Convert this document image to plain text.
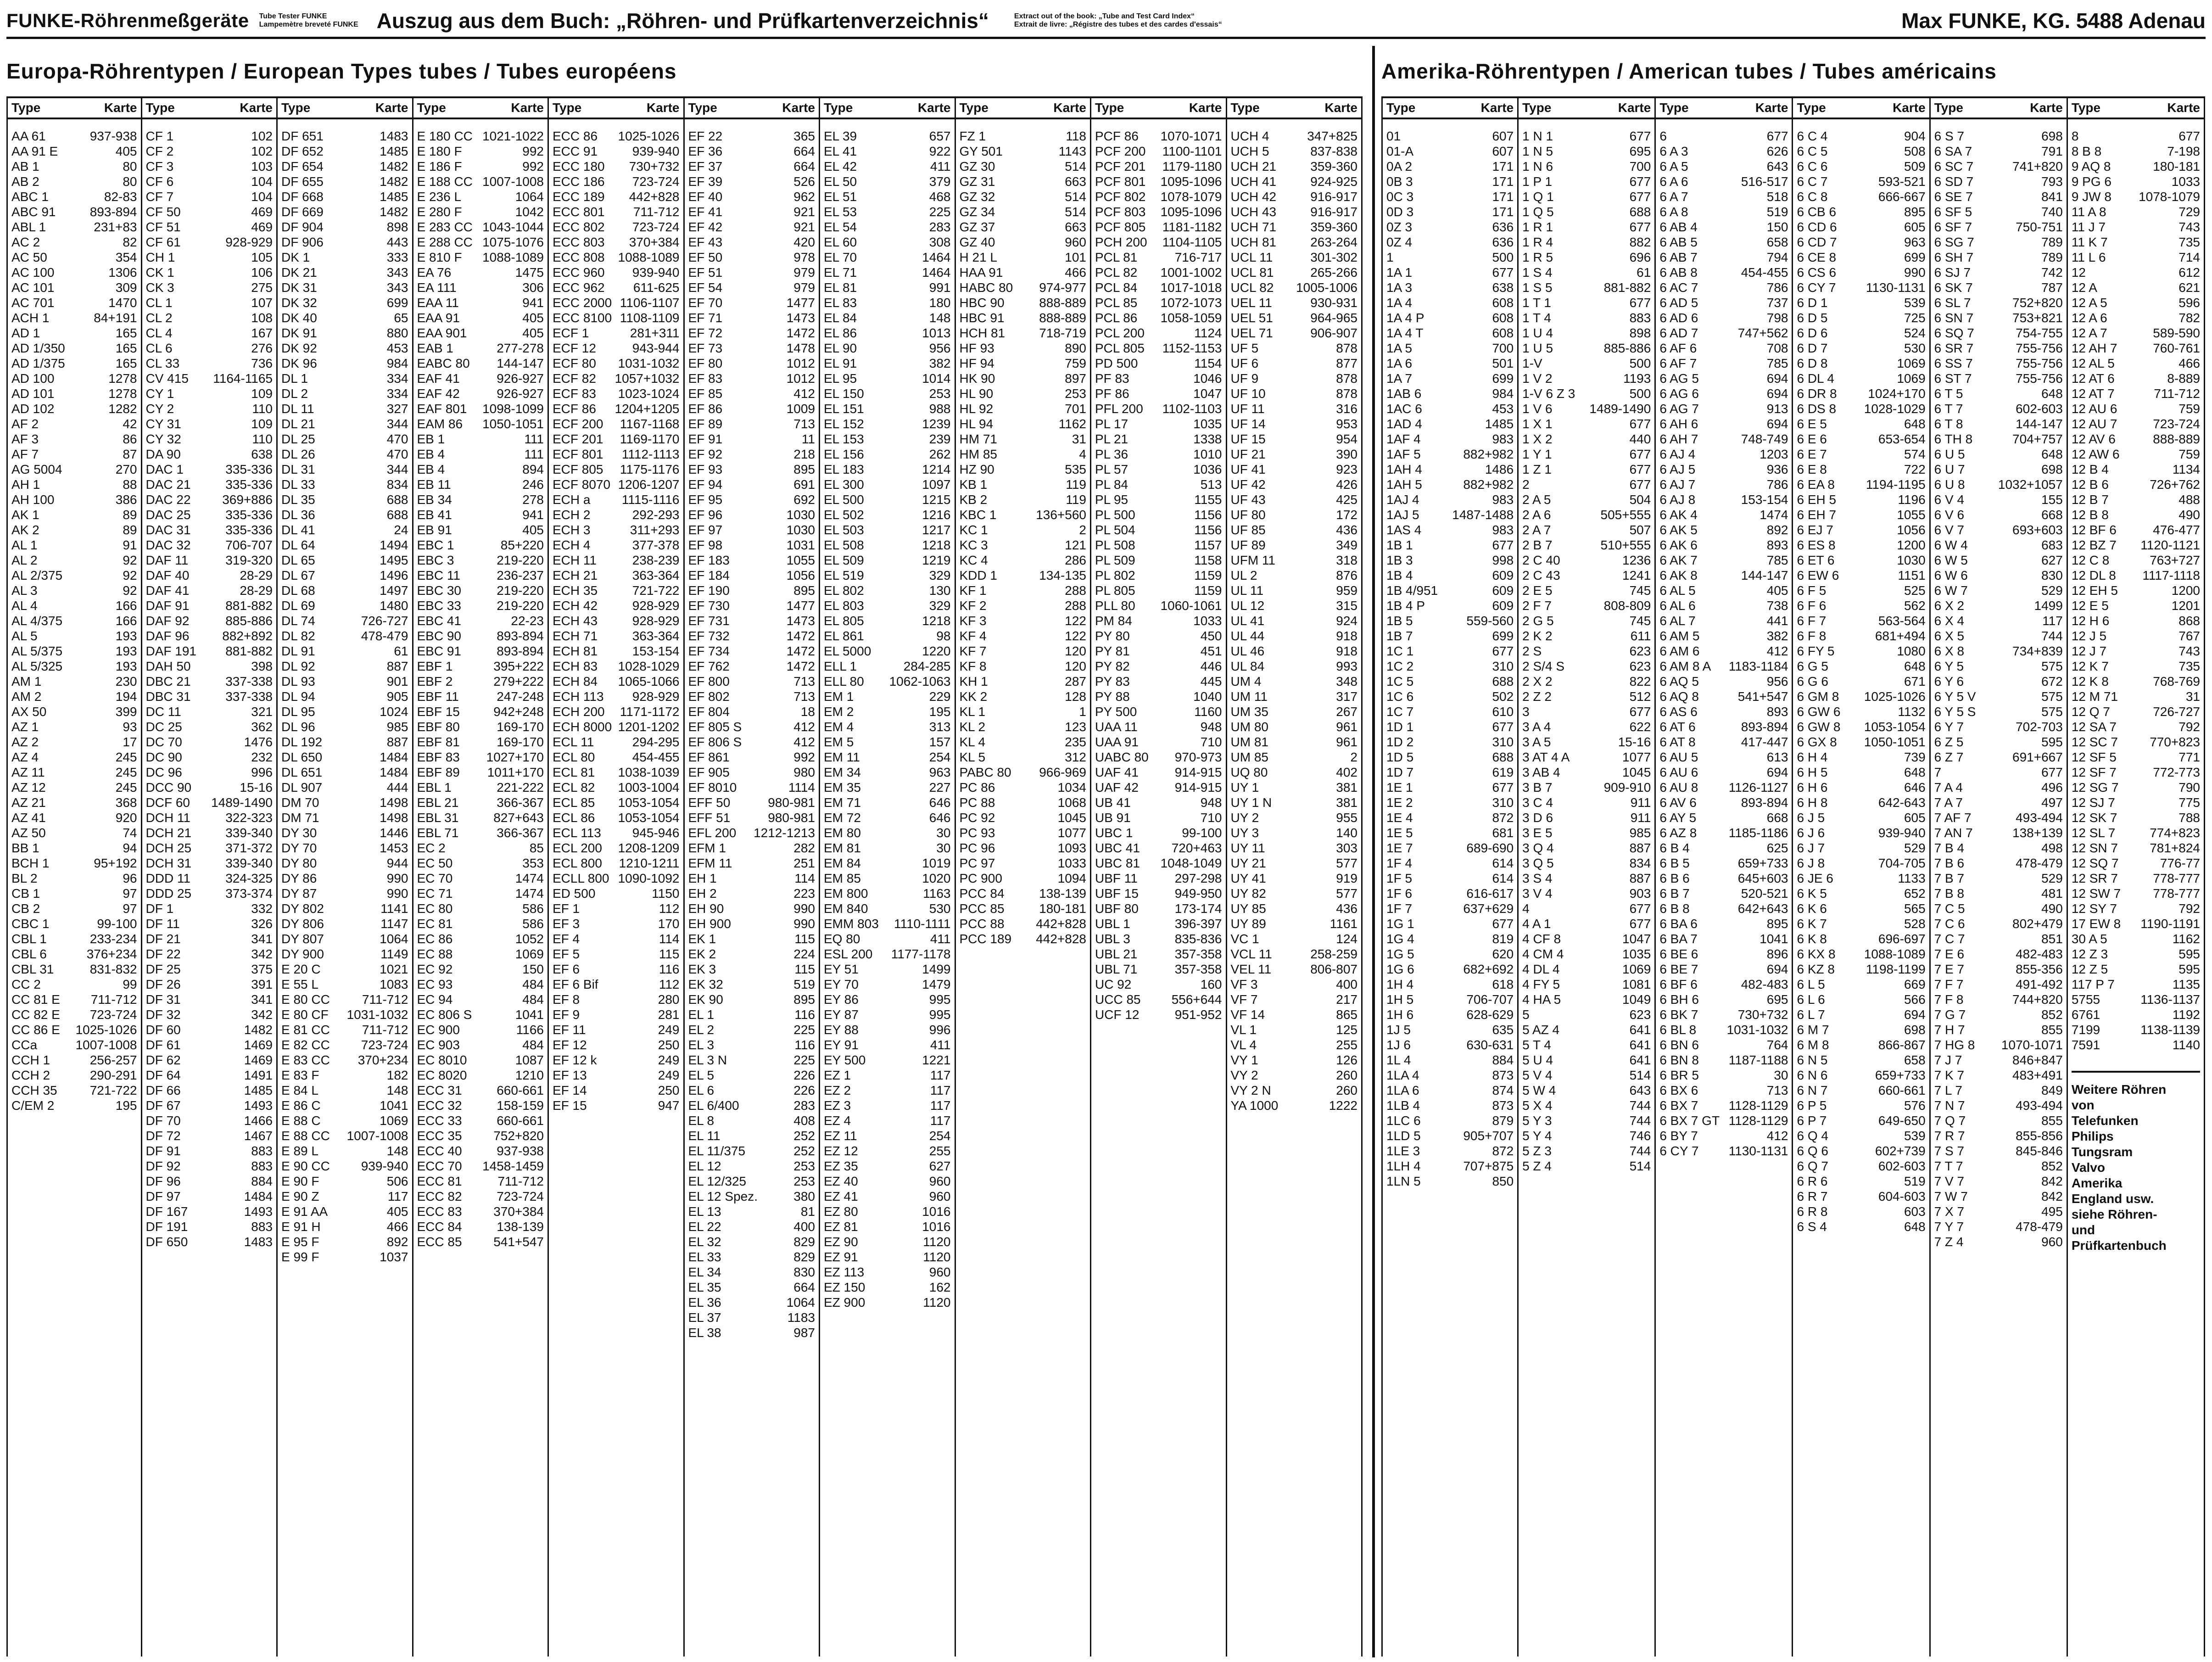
FUNKE-Röhrenmeßgeräte Tube Tester FUNKE
Lampemètre breveté FUNKE Auszug aus dem Buch: „Röhren- und Prüfkartenverzeichnis“	Extract out of the book: „Tube and Test Card Index“
Extrait de livre: „Régistre des tubes et des cardes d'essais“	Max FUNKE, KG. 5488 Adenau
Europa-Röhrentypen / European Types tubes / Tubes européens	Amerika-Röhrentypen / American tubes / Tubes américains
Type	Karte
AA 61	937-938
AA 91 E	405
AB 1	80
AB 2	80
ABC 1	82-83
ABC 91	893-894
ABL 1	231+83
AC 2	82
AC 50	354
AC 100	1306
AC 101	309
AC 701	1470
ACH 1	84+191
AD 1	165
AD 1/350	165
AD 1/375	165
AD 100	1278
AD 101	1278
AD 102	1282
AF 2	42
AF 3	86
AF 7	87
AG 5004	270
AH 1	88
AH 100	386
AK 1	89
AK 2	89
AL 1	91
AL 2	92
AL 2/375	92
AL 3	92
AL 4	166
AL 4/375	166
AL 5	193
AL 5/375	193
AL 5/325	193
AM 1	230
AM 2	194
AX 50	399
AZ 1	93
AZ 2	17
AZ 4	245
AZ 11	245
AZ 12	245
AZ 21	368
AZ 41	920
AZ 50	74
BB 1	94
BCH 1	95+192
BL 2	96
CB 1	97
CB 2	97
CBC 1	99-100
CBL 1	233-234
CBL 6	376+234
CBL 31	831-832
CC 2	99
CC 81 E 711-712
CC 82 E 723-724
CC 86 E 1025-1026
CCa	1007-1008
CCH 1	256-257
CCH 2	290-291
CCH 35	721-722
C/EM 2	195
Type	Karte
CF 1	102
CF 2	102
CF 3	103
CF 6	104
CF 7	104
CF 50	469
CF 51	469
CF 61	928-929
CH 1	105
CK 1	106
CK 3	275
CL 1	107
CL 2	108
CL 4	167
CL 6	276
CL 33	736
CV 415 1164-1165
CY 1	109
CY 2	110
CY 31	109
CY 32	110
DA 90	638
DAC 1	335-336
DAC 21	335-336
DAC 22 369+886
DAC 25	335-336
DAC 31	335-336
DAC 32	706-707
DAF 11	319-320
DAF 40	28-29
DAF 41	28-29
DAF 91	881-882
DAF 92	885-886
DAF 96	882+892
DAF 191 881-882
DAH 50	398
DBC 21	337-338
DBC 31	337-338
DC 11	321
DC 25	362
DC 70	1476
DC 90	232
DC 96	996
DCC 90	15-16
DCF 60 1489-1490
DCH 11	322-323
DCH 21	339-340
DCH 25	371-372
DCH 31	339-340
DDD 11	324-325
DDD 25	373-374
DF 1	332
DF 11	326
DF 21	341
DF 22	342
DF 25	375
DF 26	391
DF 31	341
DF 32	342
DF 60	1482
DF 61	1469
DF 62	1469
DF 64	1491
DF 66	1485
DF 67	1493
DF 70	1466
DF 72	1467
DF 91	883
DF 92	883
DF 96	884
DF 97	1484
DF 167	1493
DF 191	883
DF 650	1483
Type	Karte
DF 651	1483
DF 652	1485
DF 654	1482
DF 655	1482
DF 668	1485
DF 669	1482
DF 904	898
DF 906	443
DK 1	333
DK 21	343
DK 31	343
DK 32	699
DK 40	65
DK 91	880
DK 92	453
DK 96	984
DL 1	334
DL 2	334
DL 11	327
DL 21	344
DL 25	470
DL 26	470
DL 31	344
DL 33	834
DL 35	688
DL 36	688
DL 41	24
DL 64	1494
DL 65	1495
DL 67	1496
DL 68	1497
DL 69	1480
DL 74	726-727
DL 82	478-479
DL 91	61
DL 92	887
DL 93	901
DL 94	905
DL 95	1024
DL 96	985
DL 192	887
DL 650	1484
DL 651	1484
DL 907	444
DM 70	1498
DM 71	1498
DY 30	1446
DY 70	1453
DY 80	944
DY 86	990
DY 87	990
DY 802	1141
DY 806	1147
DY 807	1064
DY 900	1149
E 20 C	1021
E 55 L	1083
E 80 CC 711-712
E 80 CF 1031-1032
E 81 CC 711-712
E 82 CC 723-724
E 83 CC 370+234
E 83 F	182
E 84 L	148
E 86 C	1041
E 88 C	1069
E 88 CC 1007-1008
E 89 L	148
E 90 CC 939-940
E 90 F	506
E 90 Z	117
E 91 AA	405
E 91 H	466
E 95 F	892
E 99 F	1037
Type	Karte
E 180 CC 1021-1022
E 180 F	992
E 186 F	992
E 188 CC 1007-1008
E 236 L	1064
E 280 F	1042
E 283 CC 1043-1044
E 288 CC 1075-1076
E 810 F 1088-1089
EA 76	1475
EA 111	306
EAA 11	941
EAA 91	405
EAA 901	405
EAB 1	277-278
EABC 80 144-147
EAF 41	926-927
EAF 42	926-927
EAF 801 1098-1099
EAM 86 1050-1051
EB 1	111
EB 4	111
EB 4	894
EB 11	246
EB 34	278
EB 41	941
EB 91	405
EBC 1	85+220
EBC 3	219-220
EBC 11	236-237
EBC 30	219-220
EBC 33	219-220
EBC 41	22-23
EBC 90	893-894
EBC 91	893-894
EBF 1	395+222
EBF 2	279+222
EBF 11	247-248
EBF 15	942+248
EBF 80	169-170
EBF 81	169-170
EBF 83 1027+170
EBF 89 1011+170
EBL 1	221-222
EBL 21	366-367
EBL 31	827+643
EBL 71	366-367
EC 2	85
EC 50	353
EC 70	1474
EC 71	1474
EC 80	586
EC 81	586
EC 86	1052
EC 88	1069
EC 92	150
EC 93	484
EC 94	484
EC 806 S	1041
EC 900	1166
EC 903	484
EC 8010	1087
EC 8020	1210
ECC 31	660-661
ECC 32	158-159
ECC 33	660-661
ECC 35 752+820
ECC 40	937-938
ECC 70 1458-1459
ECC 81	711-712
ECC 82	723-724
ECC 83 370+384
ECC 84	138-139
ECC 85 541+547
Type	Karte
ECC 86 1025-1026
ECC 91	939-940
ECC 180 730+732
ECC 186 723-724
ECC 189 442+828
ECC 801 711-712
ECC 802 723-724
ECC 803 370+384
ECC 808 1088-1089
ECC 960 939-940
ECC 962 611-625
ECC 2000 1106-1107
ECC 8100 1108-1109
ECF 1	281+311
ECF 12	943-944
ECF 80 1031-1032
ECF 82 1057+1032
ECF 83 1023-1024
ECF 86 1204+1205
ECF 200 1167-1168
ECF 201 1169-1170
ECF 801 1112-1113
ECF 805 1175-1176
ECF 8070 1206-1207
ECH a 1115-1116
ECH 2	292-293
ECH 3	311+293
ECH 4	377-378
ECH 11	238-239
ECH 21	363-364
ECH 35	721-722
ECH 42	928-929
ECH 43	928-929
ECH 71	363-364
ECH 81	153-154
ECH 83 1028-1029
ECH 84 1065-1066
ECH 113 928-929
ECH 200 1171-1172
ECH 8000 1201-1202
ECL 11	294-295
ECL 80	454-455
ECL 81 1038-1039
ECL 82 1003-1004
ECL 85 1053-1054
ECL 86 1053-1054
ECL 113 945-946
ECL 200 1208-1209
ECL 800 1210-1211
ECLL 800 1090-1092
ED 500	1150
EF 1	112
EF 3	170
EF 4	114
EF 5	115
EF 6	116
EF 6 Bif	112
EF 8	280
EF 9	281
EF 11	249
EF 12	250
EF 12 k	249
EF 13	249
EF 14	250
EF 15	947
Type	Karte
EF 22	365
EF 36	664
EF 37	664
EF 39	526
EF 40	962
EF 41	921
EF 42	921
EF 43	420
EF 50	978
EF 51	979
EF 54	979
EF 70	1477
EF 71	1473
EF 72	1472
EF 73	1478
EF 80	1012
EF 83	1012
EF 85	412
EF 86	1009
EF 89	713
EF 91	11
EF 92	218
EF 93	895
EF 94	691
EF 95	692
EF 96	1030
EF 97	1030
EF 98	1031
EF 183	1055
EF 184	1056
EF 190	895
EF 730	1477
EF 731	1473
EF 732	1472
EF 734	1472
EF 762	1472
EF 800	713
EF 802	713
EF 804	18
EF 805 S	412
EF 806 S	412
EF 861	992
EF 905	980
EF 8010	1114
EFF 50	980-981
EFF 51	980-981
EFL 200 1212-1213
EFM 1	282
EFM 11	251
EH 1	114
EH 2	223
EH 90	990
EH 900	990
EK 1	115
EK 2	224
EK 3	115
EK 32	519
EK 90	895
EL 1	116
EL 2	225
EL 3	116
EL 3 N	225
EL 5	226
EL 6	226
EL 6/400	283
EL 8	408
EL 11	252
EL 11/375	252
EL 12	253
EL 12/325	253
EL 12 Spez.	380
EL 13	81
EL 22	400
EL 32	829
EL 33	829
EL 34	830
EL 35	664
EL 36	1064
EL 37	1183
EL 38	987
Type	Karte
EL 39	657
EL 41	922
EL 42	411
EL 50	379
EL 51	468
EL 53	225
EL 54	283
EL 60	308
EL 70	1464
EL 71	1464
EL 81	991
EL 83	180
EL 84	148
EL 86	1013
EL 90	956
EL 91	382
EL 95	1014
EL 150	253
EL 151	988
EL 152	1239
EL 153	239
EL 156	262
EL 183	1214
EL 300	1097
EL 500	1215
EL 502	1216
EL 503	1217
EL 508	1218
EL 509	1219
EL 519	329
EL 802	130
EL 803	329
EL 805	1218
EL 861	98
EL 5000	1220
ELL 1	284-285
ELL 80 1062-1063
EM 1	229
EM 2	195
EM 4	313
EM 5	157
EM 11	254
EM 34	963
EM 35	227
EM 71	646
EM 72	646
EM 80	30
EM 81	30
EM 84	1019
EM 85	1020
EM 800	1163
EM 840	530
EMM 803 1110-1111
EQ 80	411
ESL 200 1177-1178
EY 51	1499
EY 70	1479
EY 86	995
EY 87	995
EY 88	996
EY 91	411
EY 500	1221
EZ 1	117
EZ 2	117
EZ 3	117
EZ 4	117
EZ 11	254
EZ 12	255
EZ 35	627
EZ 40	960
EZ 41	960
EZ 80	1016
EZ 81	1016
EZ 90	1120
EZ 91	1120
EZ 113	960
EZ 150	162
EZ 900	1120
Type	Karte
FZ 1	118
GY 501	1143
GZ 30	514
GZ 31	663
GZ 32	514
GZ 34	514
GZ 37	663
GZ 40	960
H 21 L	101
HAA 91	466
HABC 80 974-977
HBC 90	888-889
HBC 91	888-889
HCH 81	718-719
HF 93	890
HF 94	759
HK 90	897
HL 90	253
HL 92	701
HL 94	1162
HM 71	31
HM 85	4
HZ 90	535
KB 1	119
KB 2	119
KBC 1	136+560
KC 1	2
KC 3	121
KC 4	286
KDD 1	134-135
KF 1	288
KF 2	288
KF 3	122
KF 4	122
KF 7	120
KF 8	120
KH 1	287
KK 2	128
KL 1	1
KL 2	123
KL 4	235
KL 5	312
PABC 80 966-969
PC 86	1034
PC 88	1068
PC 92	1045
PC 93	1077
PC 96	1093
PC 97	1033
PC 900	1094
PCC 84	138-139
PCC 85	180-181
PCC 88 442+828
PCC 189 442+828
Type	Karte
PCF 86 1070-1071
PCF 200 1100-1101
PCF 201 1179-1180
PCF 801 1095-1096
PCF 802 1078-1079
PCF 803 1095-1096
PCF 805 1181-1182
PCH 200 1104-1105
PCL 81	716-717
PCL 82 1001-1002
PCL 84 1017-1018
PCL 85 1072-1073
PCL 86 1058-1059
PCL 200	1124
PCL 805 1152-1153
PD 500	1154
PF 83	1046
PF 86	1047
PFL 200 1102-1103
PL 17	1035
PL 21	1338
PL 36	1010
PL 57	1036
PL 84	513
PL 95	1155
PL 500	1156
PL 504	1156
PL 508	1157
PL 509	1158
PL 802	1159
PL 805	1159
PLL 80 1060-1061
PM 84	1033
PY 80	450
PY 81	451
PY 82	446
PY 83	445
PY 88	1040
PY 500	1160
UAA 11	948
UAA 91	710
UABC 80 970-973
UAF 41	914-915
UAF 42	914-915
UB 41	948
UB 91	710
UBC 1	99-100
UBC 41 720+463
UBC 81 1048-1049
UBF 11	297-298
UBF 15	949-950
UBF 80	173-174
UBL 1	396-397
UBL 3	835-836
UBL 21	357-358
UBL 71	357-358
UC 92	160
UCC 85 556+644
UCF 12	951-952
Type	Karte
UCH 4	347+825
UCH 5	837-838
UCH 21	359-360
UCH 41	924-925
UCH 42	916-917
UCH 43	916-917
UCH 71	359-360
UCH 81	263-264
UCL 11	301-302
UCL 81	265-266
UCL 82 1005-1006
UEL 11	930-931
UEL 51	964-965
UEL 71	906-907
UF 5	878
UF 6	877
UF 9	878
UF 10	878
UF 11	316
UF 14	953
UF 15	954
UF 21	390
UF 41	923
UF 42	426
UF 43	425
UF 80	172
UF 85	436
UF 89	349
UFM 11	318
UL 2	876
UL 11	959
UL 12	315
UL 41	924
UL 44	918
UL 46	918
UL 84	993
UM 4	348
UM 11	317
UM 35	267
UM 80	961
UM 81	961
UM 85	2
UQ 80	402
UY 1	381
UY 1 N	381
UY 2	955
UY 3	140
UY 11	303
UY 21	577
UY 41	919
UY 82	577
UY 85	436
UY 89	1161
VC 1	124
VCL 11	258-259
VEL 11	806-807
VF 3	400
VF 7	217
VF 14	865
VL 1	125
VL 4	255
VY 1	126
VY 2	260
VY 2 N	260
YA 1000	1222
Type	Karte
01	607
01-A	607
0A 2	171
0B 3	171
0C 3	171
0D 3	171
0Z 3	636
0Z 4	636
1	500
1A 1	677
1A 3	638
1A 4	608
1A 4 P	608
1A 4 T	608
1A 5	700
1A 6	501
1A 7	699
1AB 6	984
1AC 6	453
1AD 4	1485
1AF 4	983
1AF 5	882+982
1AH 4	1486
1AH 5	882+982
1AJ 4	983
1AJ 5	1487-1488
1AS 4	983
1B 1	677
1B 3	998
1B 4	609
1B 4/951	609
1B 4 P	609
1B 5	559-560
1B 7	699
1C 1	677
1C 2	310
1C 5	688
1C 6	502
1C 7	610
1D 1	677
1D 2	310
1D 5	688
1D 7	619
1E 1	677
1E 2	310
1E 4	872
1E 5	681
1E 7	689-690
1F 4	614
1F 5	614
1F 6	616-617
1F 7	637+629
1G 1	677
1G 4	819
1G 5	620
1G 6	682+692
1H 4	618
1H 5	706-707
1H 6	628-629
1J 5	635
1J 6	630-631
1L 4	884
1LA 4	873
1LA 6	874
1LB 4	873
1LC 6	879
1LD 5	905+707
1LE 3	872
1LH 4	707+875
1LN 5	850
Type	Karte
1 N 1	677
1 N 5	695
1 N 6	700
1 P 1	677
1 Q 1	677
1 Q 5	688
1 R 1	677
1 R 4	882
1 R 5	696
1 S 4	61
1 S 5	881-882
1 T 1	677
1 T 4	883
1 U 4	898
1 U 5	885-886
1-V	500
1 V 2	1193
1-V 6 Z 3	500
1 V 6	1489-1490
1 X 1	677
1 X 2	440
1 Y 1	677
1 Z 1	677
2	677
2 A 5	504
2 A 6	505+555
2 A 7	507
2 B 7	510+555
2 C 40	1236
2 C 43	1241
2 E 5	745
2 F 7	808-809
2 G 5	745
2 K 2	611
2 S	623
2 S/4 S	623
2 X 2	822
2 Z 2	512
3	677
3 A 4	622
3 A 5	15-16
3 AT 4 A	1077
3 AB 4	1045
3 B 7	909-910
3 C 4	911
3 D 6	911
3 E 5	985
3 Q 4	887
3 Q 5	834
3 S 4	887
3 V 4	903
4	677
4 A 1	677
4 CF 8	1047
4 CM 4	1035
4 DL 4	1069
4 FY 5	1081
4 HA 5	1049
5	623
5 AZ 4	641
5 T 4	641
5 U 4	641
5 V 4	514
5 W 4	643
5 X 4	744
5 Y 3	744
5 Y 4	746
5 Z 3	744
5 Z 4	514
Type	Karte
6	677
6 A 3	626
6 A 5	643
6 A 6	516-517
6 A 7	518
6 A 8	519
6 AB 4	150
6 AB 5	658
6 AB 7	794
6 AB 8	454-455
6 AC 7	786
6 AD 5	737
6 AD 6	798
6 AD 7	747+562
6 AF 6	708
6 AF 7	785
6 AG 5	694
6 AG 6	694
6 AG 7	913
6 AH 6	694
6 AH 7	748-749
6 AJ 4	1203
6 AJ 5	936
6 AJ 7	786
6 AJ 8	153-154
6 AK 4	1474
6 AK 5	892
6 AK 6	893
6 AK 7	785
6 AK 8	144-147
6 AL 5	405
6 AL 6	738
6 AL 7	441
6 AM 5	382
6 AM 6	412
6 AM 8 A 1183-1184
6 AQ 5	956
6 AQ 8	541+547
6 AS 6	893
6 AT 6	893-894
6 AT 8	417-447
6 AU 5	613
6 AU 6	694
6 AU 8 1126-1127
6 AV 6	893-894
6 AY 5	668
6 AZ 8 1185-1186
6 B 4	625
6 B 5	659+733
6 B 6	645+603
6 B 7	520-521
6 B 8	642+643
6 BA 6	895
6 BA 7	1041
6 BE 6	896
6 BE 7	694
6 BF 6	482-483
6 BH 6	695
6 BK 7	730+732
6 BL 8 1031-1032
6 BN 6	764
6 BN 8 1187-1188
6 BR 5	30
6 BX 6	713
6 BX 7 1128-1129
6 BX 7 GT 1128-1129
6 BY 7	412
6 CY 7 1130-1131
Type	Karte
6 C 4	904
6 C 5	508
6 C 6	509
6 C 7	593-521
6 C 8	666-667
6 CB 6	895
6 CD 6	605
6 CD 7	963
6 CE 8	699
6 CS 6	990
6 CY 7 1130-1131
6 D 1	539
6 D 5	725
6 D 6	524
6 D 7	530
6 D 8	1069
6 DL 4	1069
6 DR 8 1024+170
6 DS 8 1028-1029
6 E 5	648
6 E 6	653-654
6 E 7	574
6 E 8	722
6 EA 8 1194-1195
6 EH 5	1196
6 EH 7	1055
6 EJ 7	1056
6 ES 8	1200
6 ET 6	1030
6 EW 6	1151
6 F 5	525
6 F 6	562
6 F 7	563-564
6 F 8	681+494
6 FY 5	1080
6 G 5	648
6 G 6	671
6 GM 8 1025-1026
6 GW 6	1132
6 GW 8 1053-1054
6 GX 8 1050-1051
6 H 4	739
6 H 5	648
6 H 6	646
6 H 8	642-643
6 J 5	605
6 J 6	939-940
6 J 7	529
6 J 8	704-705
6 JE 6	1133
6 K 5	652
6 K 6	565
6 K 7	528
6 K 8	696-697
6 KX 8 1088-1089
6 KZ 8 1198-1199
6 L 5	669
6 L 6	566
6 L 7	694
6 M 7	698
6 M 8	866-867
6 N 5	658
6 N 6	659+733
6 N 7	660-661
6 P 5	576
6 P 7	649-650
6 Q 4	539
6 Q 6	602+739
6 Q 7	602-603
6 R 6	519
6 R 7	604-603
6 R 8	603
6 S 4	648
Type	Karte
6 S 7	698
6 SA 7	791
6 SC 7	741+820
6 SD 7	793
6 SE 7	841
6 SF 5	740
6 SF 7	750-751
6 SG 7	789
6 SH 7	789
6 SJ 7	742
6 SK 7	787
6 SL 7	752+820
6 SN 7	753+821
6 SQ 7	754-755
6 SR 7	755-756
6 SS 7	755-756
6 ST 7	755-756
6 T 5	648
6 T 7	602-603
6 T 8	144-147
6 TH 8	704+757
6 U 5	648
6 U 7	698
6 U 8	1032+1057
6 V 4	155
6 V 6	668
6 V 7	693+603
6 W 4	683
6 W 5	627
6 W 6	830
6 W 7	529
6 X 2	1499
6 X 4	117
6 X 5	744
6 X 8	734+839
6 Y 5	575
6 Y 6	672
6 Y 5 V	575
6 Y 5 S	575
6 Y 7	702-703
6 Z 5	595
6 Z 7	691+667
7	677
7 A 4	496
7 A 7	497
7 AF 7	493-494
7 AN 7	138+139
7 B 4	498
7 B 6	478-479
7 B 7	529
7 B 8	481
7 C 5	490
7 C 6	802+479
7 C 7	851
7 E 6	482-483
7 E 7	855-356
7 F 7	491-492
7 F 8	744+820
7 G 7	852
7 H 7	855
7 HG 8 1070-1071
7 J 7	846+847
7 K 7	483+491
7 L 7	849
7 N 7	493-494
7 Q 7	855
7 R 7	855-856
7 S 7	845-846
7 T 7	852
7 V 7	842
7 W 7	842
7 X 7	495
7 Y 7	478-479
7 Z 4	960
Type	Karte
8	677
8 B 8	7-198
9 AQ 8	180-181
9 PG 6	1033
9 JW 8 1078-1079
11 A 8	729
11 J 7	743
11 K 7	735
11 L 6	714
12	612
12 A	621
12 A 5	596
12 A 6	782
12 A 7	589-590
12 AH 7	760-761
12 AL 5	466
12 AT 6	8-889
12 AT 7	711-712
12 AU 6	759
12 AU 7	723-724
12 AV 6	888-889
12 AW 6	759
12 B 4	1134
12 B 6	726+762
12 B 7	488
12 B 8	490
12 BF 6	476-477
12 BZ 7 1120-1121
12 C 8	763+727
12 DL 8 1117-1118
12 EH 5	1200
12 E 5	1201
12 H 6	868
12 J 5	767
12 J 7	743
12 K 7	735
12 K 8	768-769
12 M 71	31
12 Q 7	726-727
12 SA 7	792
12 SC 7 770+823
12 SF 5	771
12 SF 7	772-773
12 SG 7	790
12 SJ 7	775
12 SK 7	788
12 SL 7	774+823
12 SN 7 781+824
12 SQ 7	776-77
12 SR 7	778-777
12 SW 7	778-777
12 SY 7	792
17 EW 8 1190-1191
30 A 5	1162
12 Z 3	595
12 Z 5	595
117 P 7	1135
5755	1136-1137
6761	1192
7199	1138-1139
7591	1140
Weitere Röhren
von
Telefunken
Philips
Tungsram
Valvo
Amerika
England usw.
siehe Röhren-
und
Prüfkartenbuch
